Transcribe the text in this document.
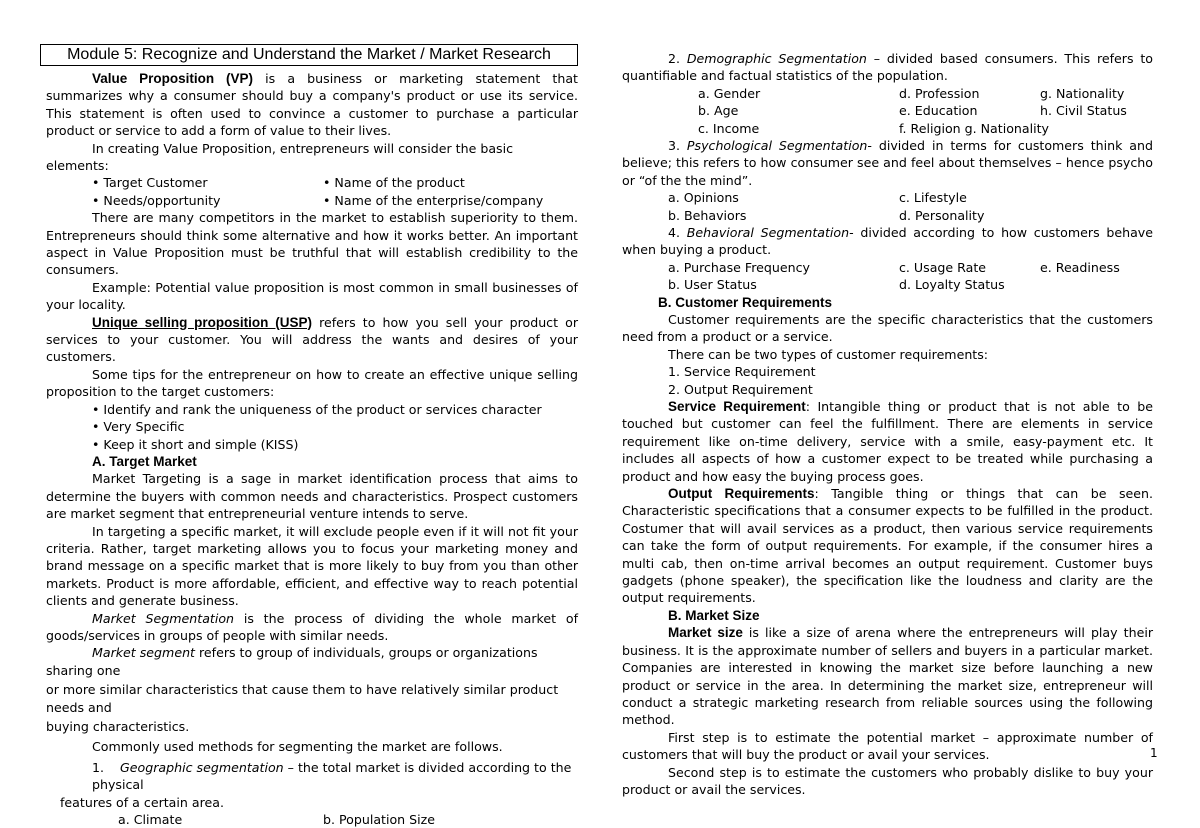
Module 5: Recognize and Understand the Market / Market Research

Value Proposition (VP) is a business or marketing statement that summarizes why a consumer should buy a company's product or use its service. This statement is often used to convince a customer to purchase a particular product or service to add a form of value to their lives.

In creating Value Proposition, entrepreneurs will consider the basic elements:

• Target Customer	• Name of the product
• Needs/opportunity	• Name of the enterprise/company

There are many competitors in the market to establish superiority to them. Entrepreneurs should think some alternative and how it works better. An important aspect in Value Proposition must be truthful that will establish credibility to the consumers.

Example: Potential value proposition is most common in small businesses of your locality.

Unique selling proposition (USP) refers to how you sell your product or services to your customer. You will address the wants and desires of your customers.

Some tips for the entrepreneur on how to create an effective unique selling proposition to the target customers:

• Identify and rank the uniqueness of the product or services character

• Very Specific

• Keep it short and simple (KISS)

A. Target Market

Market Targeting is a sage in market identification process that aims to determine the buyers with common needs and characteristics. Prospect customers are market segment that entrepreneurial venture intends to serve.

In targeting a specific market, it will exclude people even if it will not fit your criteria. Rather, target marketing allows you to focus your marketing money and brand message on a specific market that is more likely to buy from you than other markets. Product is more affordable, efficient, and effective way to reach potential clients and generate business.

Market Segmentation is the process of dividing the whole market of goods/services in groups of people with similar needs.

Market segment refers to group of individuals, groups or organizations sharing one

or more similar characteristics that cause them to have relatively similar product needs and

buying characteristics.

Commonly used methods for segmenting the market are follows.

1. Geographic segmentation – the total market is divided according to the physical

features of a certain area.

a. Climate	b. Population Size

2. Demographic Segmentation – divided based consumers. This refers to quantifiable and factual statistics of the population.

a. Gender	d. Profession	g. Nationality
b. Age	e. Education	h. Civil Status
c. Income	f. Religion g. Nationality

3. Psychological Segmentation- divided in terms for customers think and believe; this refers to how consumer see and feel about themselves – hence psycho or “of the the mind”.

a. Opinions	c. Lifestyle
b. Behaviors	d. Personality

4. Behavioral Segmentation- divided according to how customers behave when buying a product.

a. Purchase Frequency	c. Usage Rate	e. Readiness
b. User Status	d. Loyalty Status

B. Customer Requirements

Customer requirements are the specific characteristics that the customers need from a product or a service.

There can be two types of customer requirements:

1. Service Requirement

2. Output Requirement

Service Requirement: Intangible thing or product that is not able to be touched but customer can feel the fulfillment. There are elements in service requirement like on-time delivery, service with a smile, easy-payment etc. It includes all aspects of how a customer expect to be treated while purchasing a product and how easy the buying process goes.

Output Requirements: Tangible thing or things that can be seen. Characteristic specifications that a consumer expects to be fulfilled in the product. Costumer that will avail services as a product, then various service requirements can take the form of output requirements. For example, if the consumer hires a multi cab, then on-time arrival becomes an output requirement. Customer buys gadgets (phone speaker), the specification like the loudness and clarity are the output requirements.

B. Market Size

Market size is like a size of arena where the entrepreneurs will play their business. It is the approximate number of sellers and buyers in a particular market. Companies are interested in knowing the market size before launching a new product or service in the area. In determining the market size, entrepreneur will conduct a strategic marketing research from reliable sources using the following method.

First step is to estimate the potential market – approximate number of customers that will buy the product or avail your services.

Second step is to estimate the customers who probably dislike to buy your product or avail the services.

1
